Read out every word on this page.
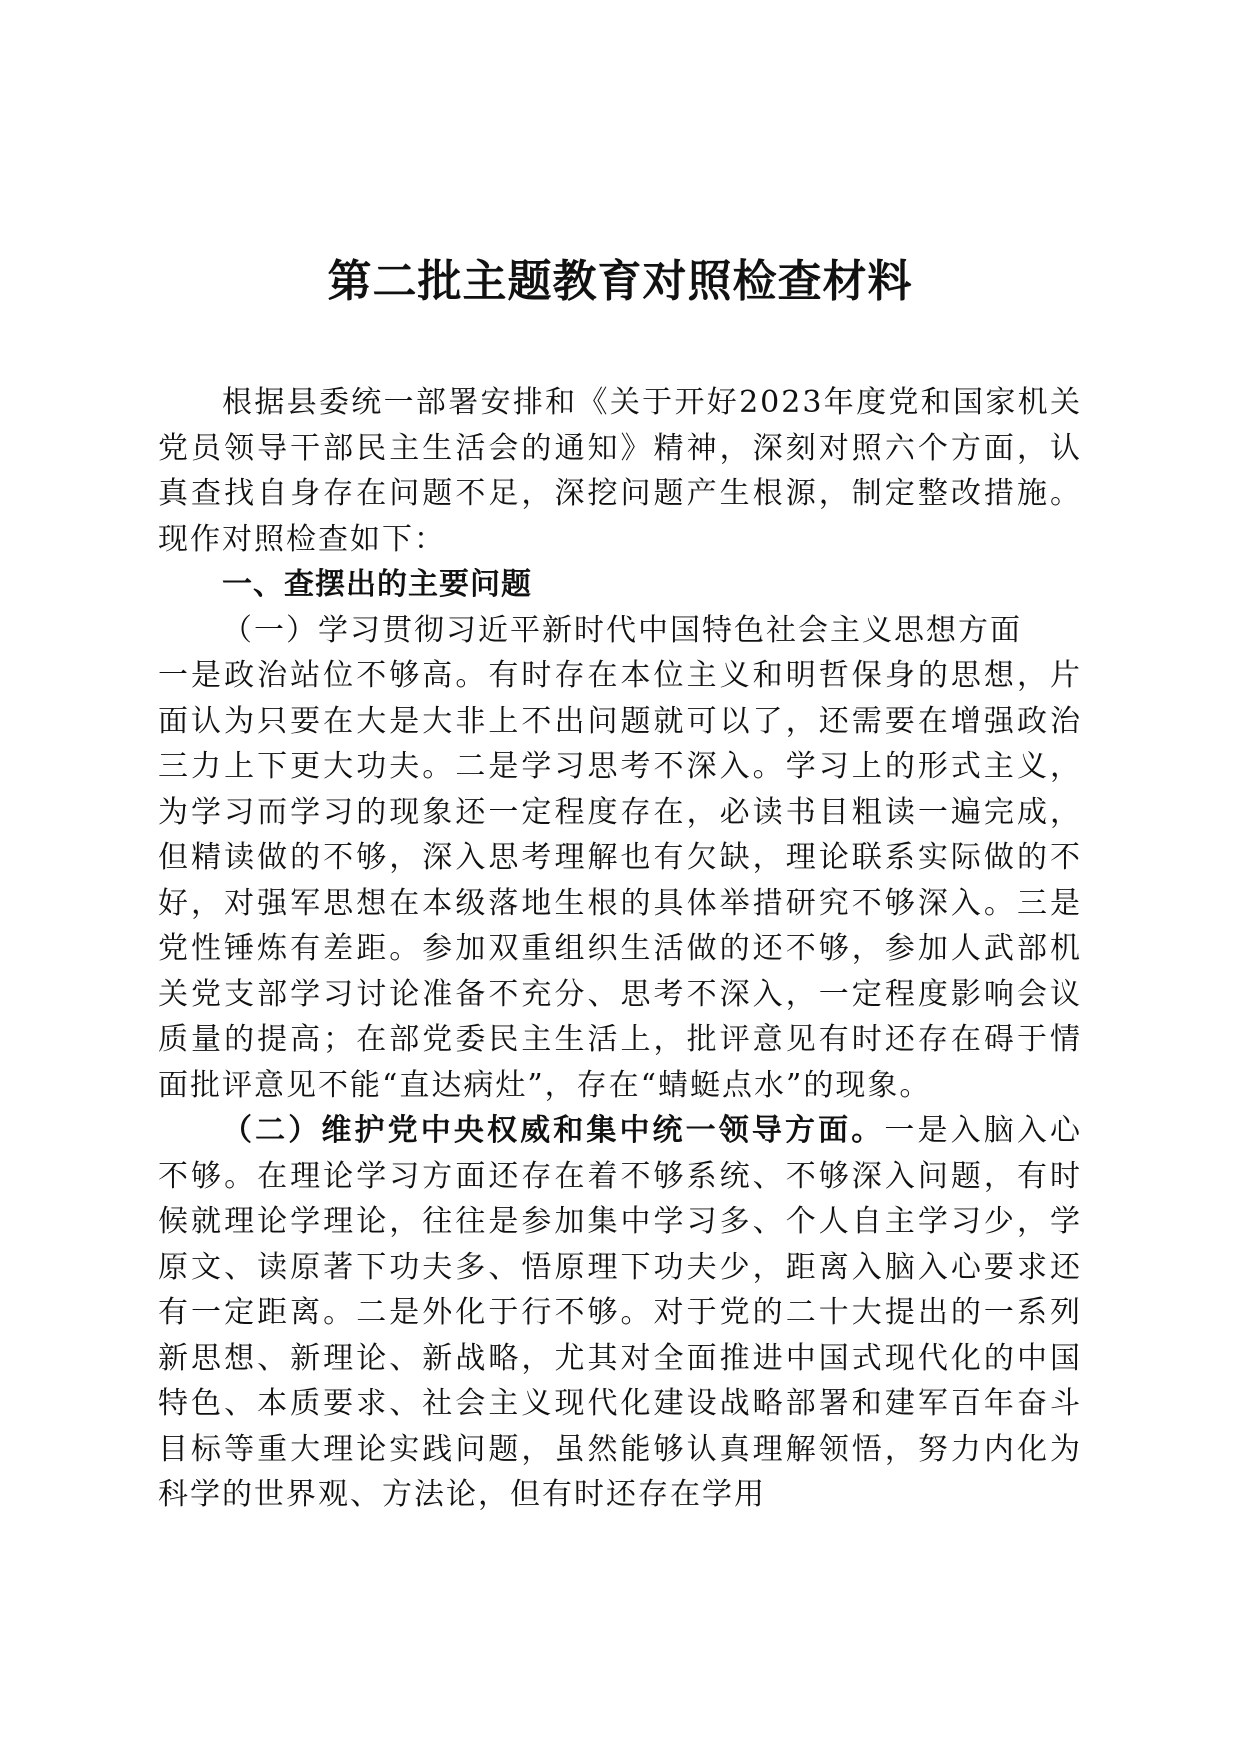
第二批主题教育对照检查材料

根据县委统一部署安排和《关于开好2023年度党和国家机关党员领导干部民主生活会的通知》精神，深刻对照六个方面，认真查找自身存在问题不足，深挖问题产生根源，制定整改措施。现作对照检查如下：

一、查摆出的主要问题

（一）学习贯彻习近平新时代中国特色社会主义思想方面

一是政治站位不够高。有时存在本位主义和明哲保身的思想，片面认为只要在大是大非上不出问题就可以了，还需要在增强政治三力上下更大功夫。二是学习思考不深入。学习上的形式主义，为学习而学习的现象还一定程度存在，必读书目粗读一遍完成，但精读做的不够，深入思考理解也有欠缺，理论联系实际做的不好，对强军思想在本级落地生根的具体举措研究不够深入。三是党性锤炼有差距。参加双重组织生活做的还不够，参加人武部机关党支部学习讨论准备不充分、思考不深入，一定程度影响会议质量的提高；在部党委民主生活上，批评意见有时还存在碍于情面批评意见不能“直达病灶”，存在“蜻蜓点水”的现象。

（二）维护党中央权威和集中统一领导方面。一是入脑入心不够。在理论学习方面还存在着不够系统、不够深入问题，有时候就理论学理论，往往是参加集中学习多、个人自主学习少，学原文、读原著下功夫多、悟原理下功夫少，距离入脑入心要求还有一定距离。二是外化于行不够。对于党的二十大提出的一系列新思想、新理论、新战略，尤其对全面推进中国式现代化的中国特色、本质要求、社会主义现代化建设战略部署和建军百年奋斗目标等重大理论实践问题，虽然能够认真理解领悟，努力内化为科学的世界观、方法论，但有时还存在学用
